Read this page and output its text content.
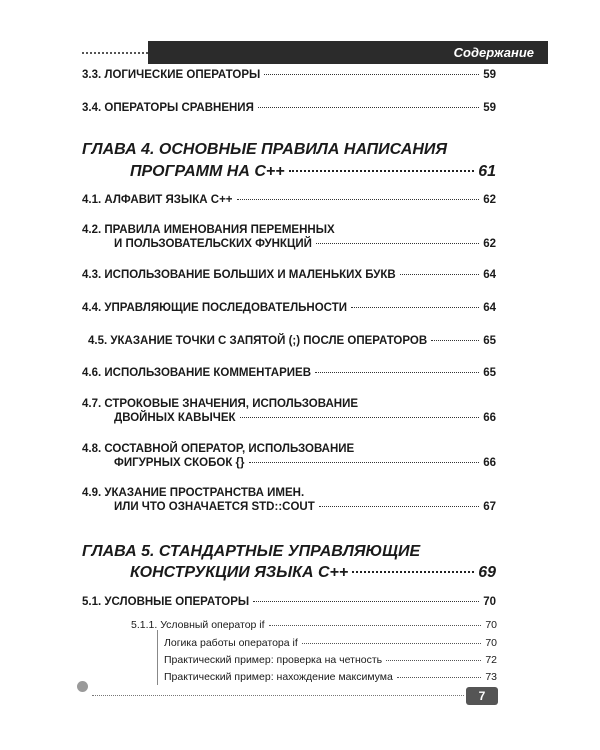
Содержание
3.3. ЛОГИЧЕСКИЕ ОПЕРАТОРЫ	59
3.4. ОПЕРАТОРЫ СРАВНЕНИЯ	59
ГЛАВА 4. ОСНОВНЫЕ ПРАВИЛА НАПИСАНИЯ
ПРОГРАММ НА С++	61
4.1. АЛФАВИТ ЯЗЫКА С++	62
4.2. ПРАВИЛА ИМЕНОВАНИЯ ПЕРЕМЕННЫХ
И ПОЛЬЗОВАТЕЛЬСКИХ ФУНКЦИЙ	62
4.3. ИСПОЛЬЗОВАНИЕ БОЛЬШИХ И МАЛЕНЬКИХ БУКВ	64
4.4. УПРАВЛЯЮЩИЕ ПОСЛЕДОВАТЕЛЬНОСТИ	64
4.5. УКАЗАНИЕ ТОЧКИ С ЗАПЯТОЙ (;) ПОСЛЕ ОПЕРАТОРОВ	65
4.6. ИСПОЛЬЗОВАНИЕ КОММЕНТАРИЕВ	65
4.7. СТРОКОВЫЕ ЗНАЧЕНИЯ, ИСПОЛЬЗОВАНИЕ
ДВОЙНЫХ КАВЫЧЕК	66
4.8. СОСТАВНОЙ ОПЕРАТОР, ИСПОЛЬЗОВАНИЕ
ФИГУРНЫХ СКОБОК {}	66
4.9. УКАЗАНИЕ ПРОСТРАНСТВА ИМЕН.
ИЛИ ЧТО ОЗНАЧАЕТСЯ STD::COUT	67
ГЛАВА 5. СТАНДАРТНЫЕ УПРАВЛЯЮЩИЕ
КОНСТРУКЦИИ ЯЗЫКА С++	69
5.1. УСЛОВНЫЕ ОПЕРАТОРЫ	70
5.1.1. Условный оператор if	70
Логика работы оператора if	70
Практический пример: проверка на четность	72
Практический пример: нахождение максимума	73
7
